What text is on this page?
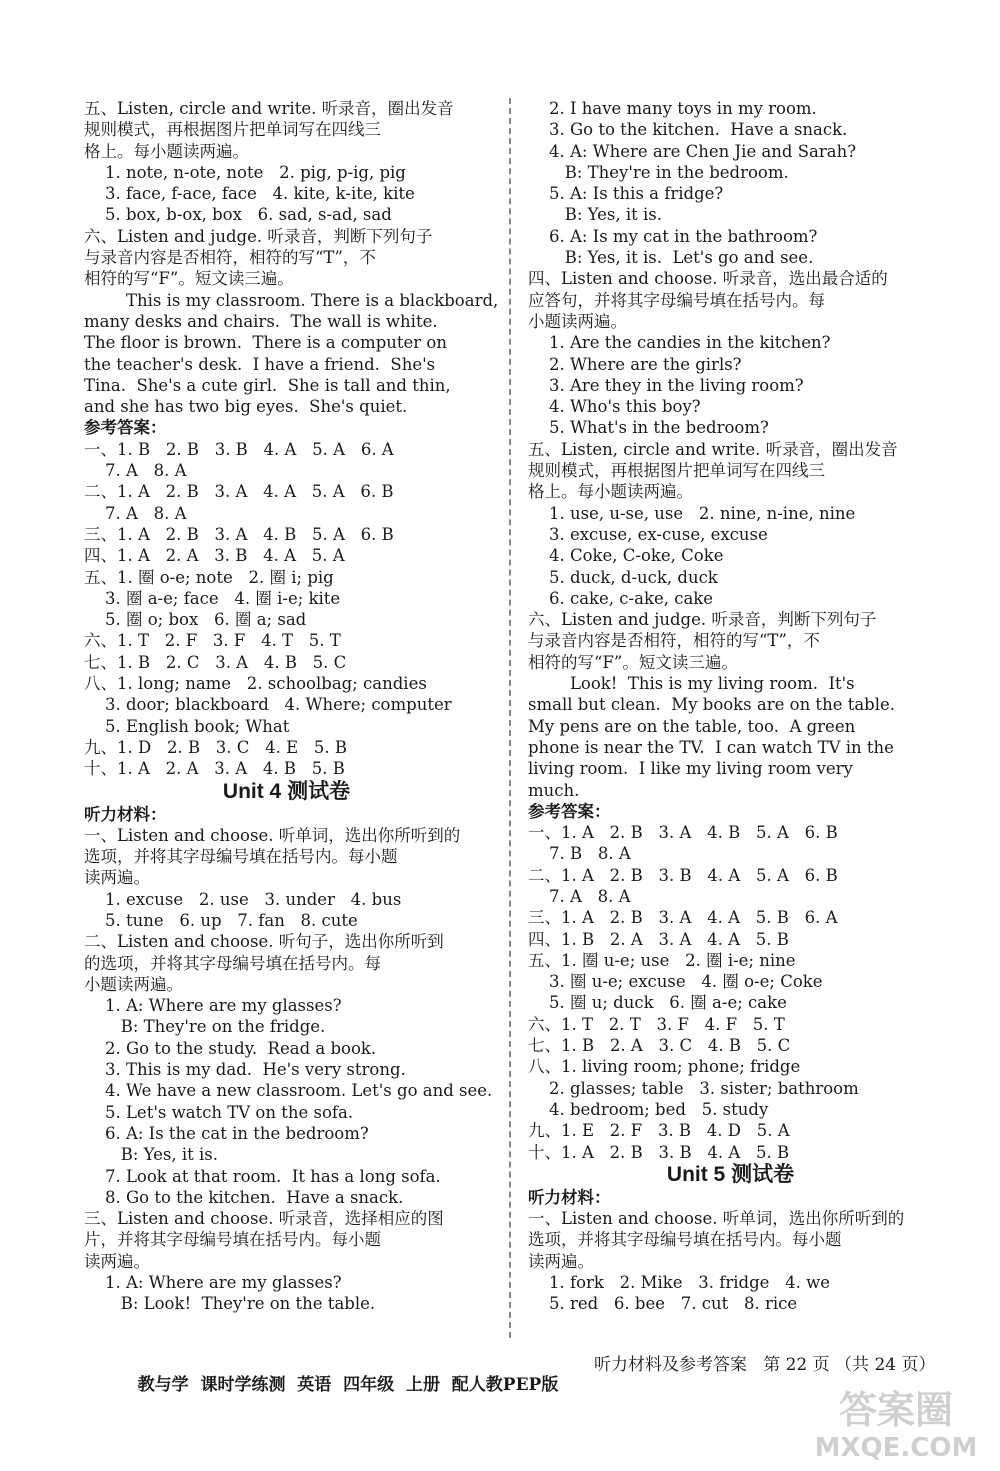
五、Listen, circle and write. 听录音，圈出发音
规则模式，再根据图片把单词写在四线三
格上。每小题读两遍。
1. note, n-ote, note   2. pig, p-ig, pig
3. face, f-ace, face   4. kite, k-ite, kite
5. box, b-ox, box   6. sad, s-ad, sad
六、Listen and judge. 听录音，判断下列句子
与录音内容是否相符，相符的写“T”，不
相符的写“F”。短文读三遍。
This is my classroom. There is a blackboard,
many desks and chairs.  The wall is white.
The floor is brown.  There is a computer on
the teacher's desk.  I have a friend.  She's
Tina.  She's a cute girl.  She is tall and thin,
and she has two big eyes.  She's quiet.
参考答案：
一、1. B   2. B   3. B   4. A   5. A   6. A
7. A   8. A
二、1. A   2. B   3. A   4. A   5. A   6. B
7. A   8. A
三、1. A   2. B   3. A   4. B   5. A   6. B
四、1. A   2. A   3. B   4. A   5. A
五、1. 圈 o-e; note   2. 圈 i; pig
3. 圈 a-e; face   4. 圈 i-e; kite
5. 圈 o; box   6. 圈 a; sad
六、1. T   2. F   3. F   4. T   5. T
七、1. B   2. C   3. A   4. B   5. C
八、1. long; name   2. schoolbag; candies
3. door; blackboard   4. Where; computer
5. English book; What
九、1. D   2. B   3. C   4. E   5. B
十、1. A   2. A   3. A   4. B   5. B
Unit 4 测试卷
听力材料：
一、Listen and choose. 听单词，选出你所听到的
选项，并将其字母编号填在括号内。每小题
读两遍。
1. excuse   2. use   3. under   4. bus
5. tune   6. up   7. fan   8. cute
二、Listen and choose. 听句子，选出你所听到
的选项，并将其字母编号填在括号内。每
小题读两遍。
1. A: Where are my glasses?
B: They're on the fridge.
2. Go to the study.  Read a book.
3. This is my dad.  He's very strong.
4. We have a new classroom. Let's go and see.
5. Let's watch TV on the sofa.
6. A: Is the cat in the bedroom?
B: Yes, it is.
7. Look at that room.  It has a long sofa.
8. Go to the kitchen.  Have a snack.
三、Listen and choose. 听录音，选择相应的图
片，并将其字母编号填在括号内。每小题
读两遍。
1. A: Where are my glasses?
B: Look!  They're on the table.
2. I have many toys in my room.
3. Go to the kitchen.  Have a snack.
4. A: Where are Chen Jie and Sarah?
B: They're in the bedroom.
5. A: Is this a fridge?
B: Yes, it is.
6. A: Is my cat in the bathroom?
B: Yes, it is.  Let's go and see.
四、Listen and choose. 听录音，选出最合适的
应答句，并将其字母编号填在括号内。每
小题读两遍。
1. Are the candies in the kitchen?
2. Where are the girls?
3. Are they in the living room?
4. Who's this boy?
5. What's in the bedroom?
五、Listen, circle and write. 听录音，圈出发音
规则模式，再根据图片把单词写在四线三
格上。每小题读两遍。
1. use, u-se, use   2. nine, n-ine, nine
3. excuse, ex-cuse, excuse
4. Coke, C-oke, Coke
5. duck, d-uck, duck
6. cake, c-ake, cake
六、Listen and judge. 听录音，判断下列句子
与录音内容是否相符，相符的写“T”，不
相符的写“F”。短文读三遍。
Look!  This is my living room.  It's
small but clean.  My books are on the table.
My pens are on the table, too.  A green
phone is near the TV.  I can watch TV in the
living room.  I like my living room very
much.
参考答案：
一、1. A   2. B   3. A   4. B   5. A   6. B
7. B   8. A
二、1. A   2. B   3. B   4. A   5. A   6. B
7. A   8. A
三、1. A   2. B   3. A   4. A   5. B   6. A
四、1. B   2. A   3. A   4. A   5. B
五、1. 圈 u-e; use   2. 圈 i-e; nine
3. 圈 u-e; excuse   4. 圈 o-e; Coke
5. 圈 u; duck   6. 圈 a-e; cake
六、1. T   2. T   3. F   4. F   5. T
七、1. B   2. A   3. C   4. B   5. C
八、1. living room; phone; fridge
2. glasses; table   3. sister; bathroom
4. bedroom; bed   5. study
九、1. E   2. F   3. B   4. D   5. A
十、1. A   2. B   3. B   4. A   5. B
Unit 5 测试卷
听力材料：
一、Listen and choose. 听单词，选出你所听到的
选项，并将其字母编号填在括号内。每小题
读两遍。
1. fork   2. Mike   3. fridge   4. we
5. red   6. bee   7. cut   8. rice

教与学  课时学练测  英语  四年级  上册  配人教PEP版

听力材料及参考答案   第 22 页 （共 24 页）

答案圈
MXQE.COM
